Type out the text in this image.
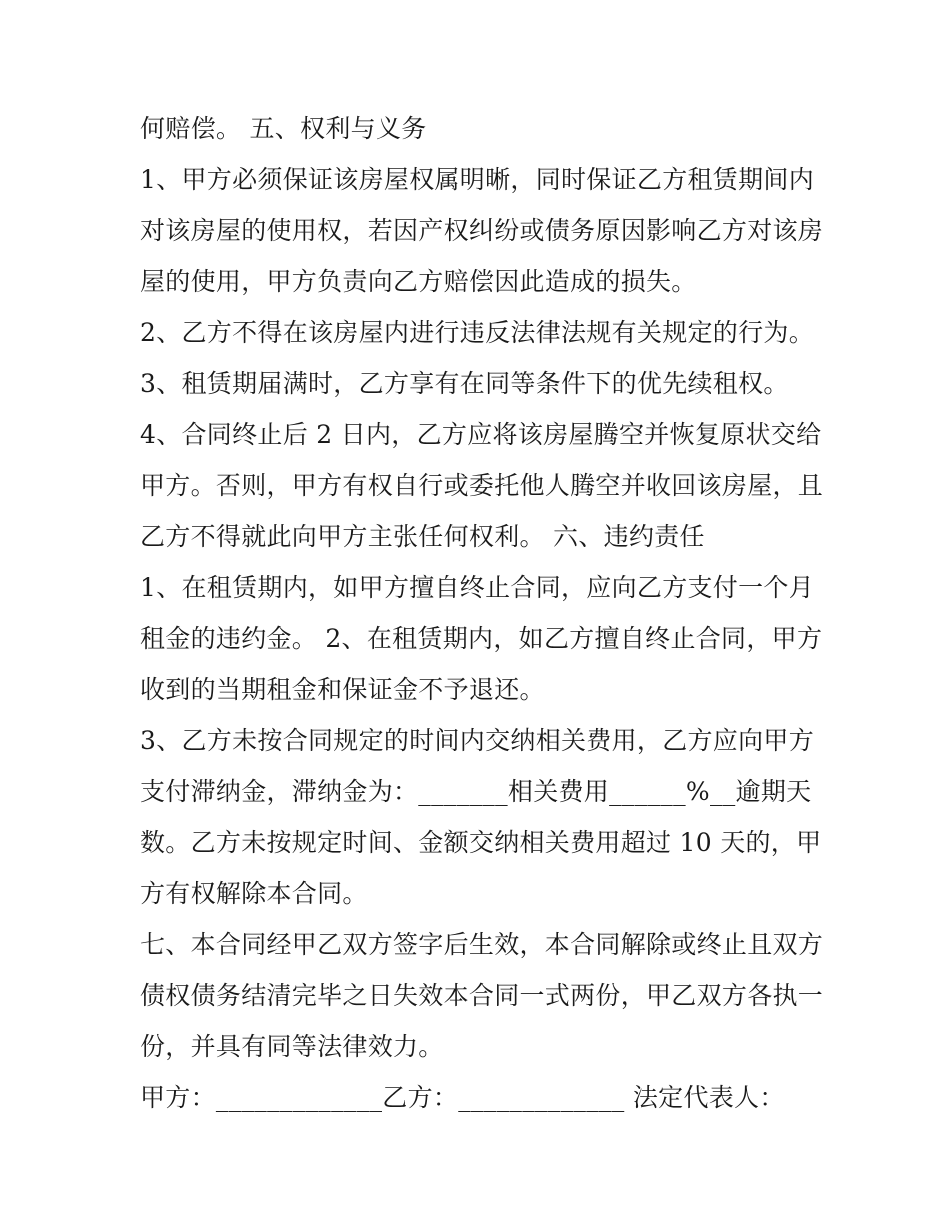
何赔偿。 五、权利与义务
1、甲方必须保证该房屋权属明晰，同时保证乙方租赁期间内
对该房屋的使用权，若因产权纠纷或债务原因影响乙方对该房
屋的使用，甲方负责向乙方赔偿因此造成的损失。
2、乙方不得在该房屋内进行违反法律法规有关规定的行为。
3、租赁期届满时，乙方享有在同等条件下的优先续租权。
4、合同终止后 2 日内，乙方应将该房屋腾空并恢复原状交给
甲方。否则，甲方有权自行或委托他人腾空并收回该房屋，且
乙方不得就此向甲方主张任何权利。 六、违约责任
1、在租赁期内，如甲方擅自终止合同，应向乙方支付一个月
租金的违约金。 2、在租赁期内，如乙方擅自终止合同，甲方
收到的当期租金和保证金不予退还。
3、乙方未按合同规定的时间内交纳相关费用，乙方应向甲方
支付滞纳金，滞纳金为：_______相关费用______%__逾期天
数。乙方未按规定时间、金额交纳相关费用超过 10 天的，甲
方有权解除本合同。
七、本合同经甲乙双方签字后生效，本合同解除或终止且双方
债权债务结清完毕之日失效本合同一式两份，甲乙双方各执一
份，并具有同等法律效力。
甲方：_____________乙方：_____________ 法定代表人：
